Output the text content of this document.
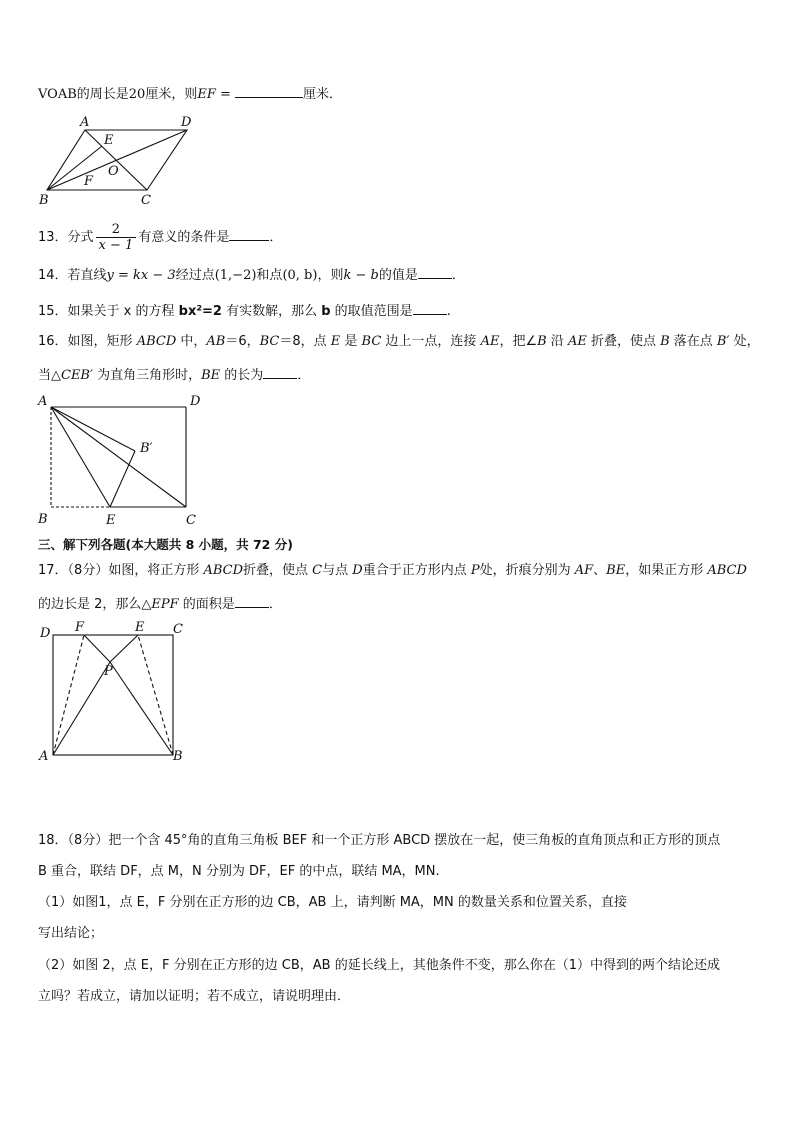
VOAB的周长是20厘米，则EF =	厘米．
A	D
E
O
F
B	C
13．分式 $\frac{2}{x - 1}$ 有意义的条件是	．
14．若直线y = kx − 3经过点(1,−2)和点(0, b)，则k − b的值是	．
15．如果关于 x 的方程 bx²=2 有实数解，那么 b 的取值范围是	.
16．如图，矩形 ABCD 中，AB＝6，BC＝8，点 E 是 BC 边上一点，连接 AE，把∠B 沿 AE 折叠，使点 B 落在点 B′ 处，
当△CEB′ 为直角三角形时，BE 的长为	．
A	D
B′
B	E	C
三、解下列各题(本大题共 8 小题，共 72 分)
17．（8分）如图，将正方形 ABCD折叠，使点 C与点 D重合于正方形内点 P处，折痕分别为 AF、BE，如果正方形 ABCD
的边长是 2，那么△EPF 的面积是	．
D F	E C
P
A	B
18．（8分）把一个含 45°角的直角三角板 BEF 和一个正方形 ABCD 摆放在一起，使三角板的直角顶点和正方形的顶点
B 重合，联结 DF，点 M，N 分别为 DF，EF 的中点，联结 MA，MN.
（1）如图1，点 E，F 分别在正方形的边 CB，AB 上，请判断 MA，MN 的数量关系和位置关系，直接
写出结论；
（2）如图 2，点 E，F 分别在正方形的边 CB，AB 的延长线上，其他条件不变，那么你在（1）中得到的两个结论还成
立吗？若成立，请加以证明；若不成立，请说明理由．
